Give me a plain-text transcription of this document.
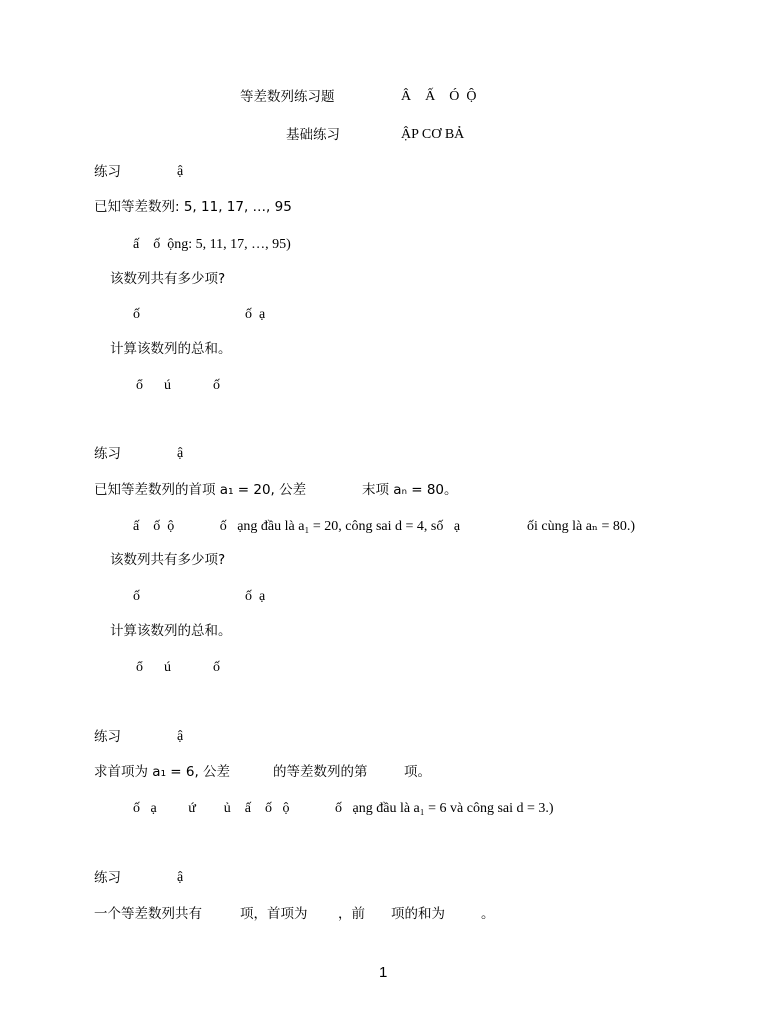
等差数列练习题	Â    Ấ    Ó  Ộ
基础练习	ẬP CƠ BẢ
练习	ậ
已知等差数列: 5, 11, 17, …, 95
ấ    ố  ộng: 5, 11, 17, …, 95)
该数列共有多少项?
ố                              ố  ạ
计算该数列的总和。
ổ      ú            ố
练习	ậ
已知等差数列的首项 a₁ = 20, 公差	末项 aₙ = 80。
ấ    ố  ộ             ố   ạng đầu là a₁ = 20, công sai d = 4, số   ạ	ối cùng là aₙ = 80.)
该数列共有多少项?
ố                              ố  ạ
计算该数列的总和。
ổ      ú            ố
练习	ậ
求首项为 a₁ = 6, 公差	的等差数列的第	项。
ố   ạ         ứ        ủ    ấ    ố   ộ             ố   ạng đầu là a₁ = 6 và công sai d = 3.)
练习	ậ
一个等差数列共有	项，首项为 ，前 项的和为	。
1
